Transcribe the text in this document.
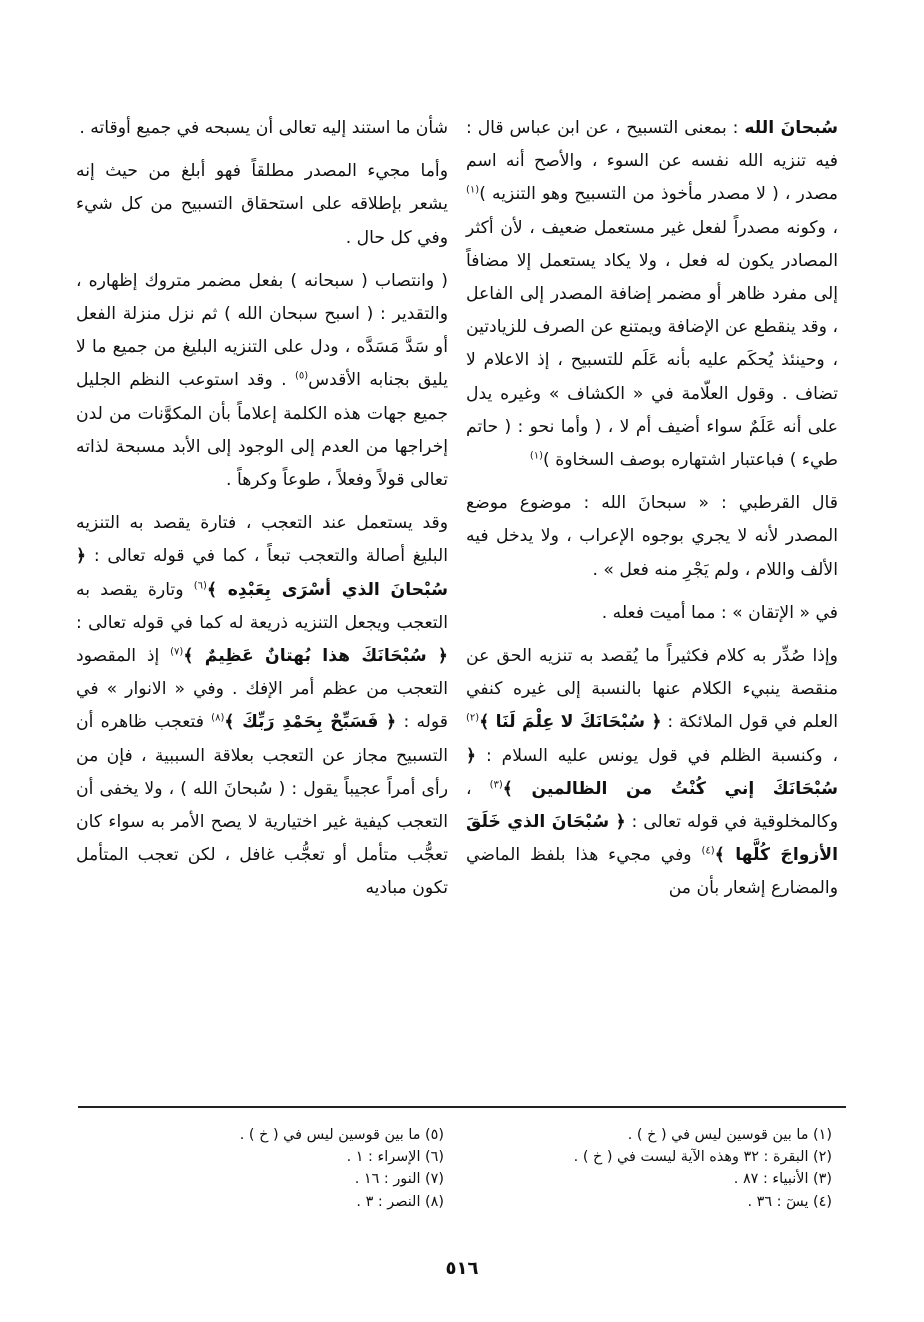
سُبحانَ الله : بمعنى التسبيح ، عن ابن عباس قال : فيه تنزيه الله نفسه عن السوء ، والأصح أنه اسم مصدر ، ( لا مصدر مأخوذ من التسبيح وهو التنزيه )$^{(١)}$ ، وكونه مصدراً لفعل غير مستعمل ضعيف ، لأن أكثر المصادر يكون له فعل ، ولا يكاد يستعمل إلا مضافاً إلى مفرد ظاهر أو مضمر إضافة المصدر إلى الفاعل ، وقد ينقطع عن الإضافة ويمتنع عن الصرف للزيادتين ، وحينئذ يُحكَم عليه بأنه عَلَم للتسبيح ، إذ الاعلام لا تضاف . وقول العلّامة في « الكشاف » وغيره يدل على أنه عَلَمٌ سواء أضيف أم لا ، ( وأما نحو : ( حاتم طيء ) فباعتبار اشتهاره بوصف السخاوة )$^{(١)}$

قال القرطبي : « سبحانَ الله : موضوع موضع المصدر لأنه لا يجري بوجوه الإعراب ، ولا يدخل فيه الألف واللام ، ولم يَجْرِ منه فعل » .

في « الإتقان » : مما أميت فعله .

وإذا صُدِّر به كلام فكثيراً ما يُقصد به تنزيه الحق عن منقصة ينبيء الكلام عنها بالنسبة إلى غيره كنفي العلم في قول الملائكة : ﴿ سُبْحَانَكَ لا عِلْمَ لَنَا ﴾$^{(٢)}$ ، وكنسبة الظلم في قول يونس عليه السلام : ﴿ سُبْحَانَكَ إني كُنْتُ من الظالمين ﴾$^{(٣)}$ ، وكالمخلوقية في قوله تعالى : ﴿ سُبْحَانَ الذي خَلَقَ الأزواجَ كُلَّها ﴾$^{(٤)}$ وفي مجيء هذا بلفظ الماضي والمضارع إشعار بأن من

شأن ما استند إليه تعالى أن يسبحه في جميع أوقاته .

وأما مجيء المصدر مطلقاً فهو أبلغ من حيث إنه يشعر بإطلاقه على استحقاق التسبيح من كل شيء وفي كل حال .

( وانتصاب ( سبحانه ) بفعل مضمر متروك إظهاره ، والتقدير : ( اسبح سبحان الله ) ثم نزل منزلة الفعل أو سَدَّ مَسَدَّه ، ودل على التنزيه البليغ من جميع ما لا يليق بجنابه الأقدس$^{(٥)}$ . وقد استوعب النظم الجليل جميع جهات هذه الكلمة إعلاماً بأن المكوَّنات من لدن إخراجها من العدم إلى الوجود إلى الأبد مسبحة لذاته تعالى قولاً وفعلاً ، طوعاً وكرهاً .

وقد يستعمل عند التعجب ، فتارة يقصد به التنزيه البليغ أصالة والتعجب تبعاً ، كما في قوله تعالى : ﴿ سُبْحانَ الذي أسْرَى بِعَبْدِه ﴾$^{(٦)}$ وتارة يقصد به التعجب ويجعل التنزيه ذريعة له كما في قوله تعالى : ﴿ سُبْحَانَكَ هذا بُهتانٌ عَظِيمٌ ﴾$^{(٧)}$ إذ المقصود التعجب من عظم أمر الإفك . وفي « الانوار » في قوله : ﴿ فَسَبِّحْ بِحَمْدِ رَبِّكَ ﴾$^{(٨)}$ فتعجب ظاهره أن التسبيح مجاز عن التعجب بعلاقة السببية ، فإن من رأى أمراً عجيباً يقول : ( سُبحانَ الله ) ، ولا يخفى أن التعجب كيفية غير اختيارية لا يصح الأمر به سواء كان تعجُّب متأمل أو تعجُّب غافل ، لكن تعجب المتأمل تكون مباديه

(١) ما بين قوسين ليس في ( خ ) .
(٢) البقرة : ٣٢ وهذه الآية ليست في ( خ ) .
(٣) الأنبياء : ٨٧ .
(٤) يسٓ : ٣٦ .
(٥) ما بين قوسين ليس في ( خ ) .
(٦) الإسراء : ١ .
(٧) النور : ١٦ .
(٨) النصر : ٣ .
٥١٦
